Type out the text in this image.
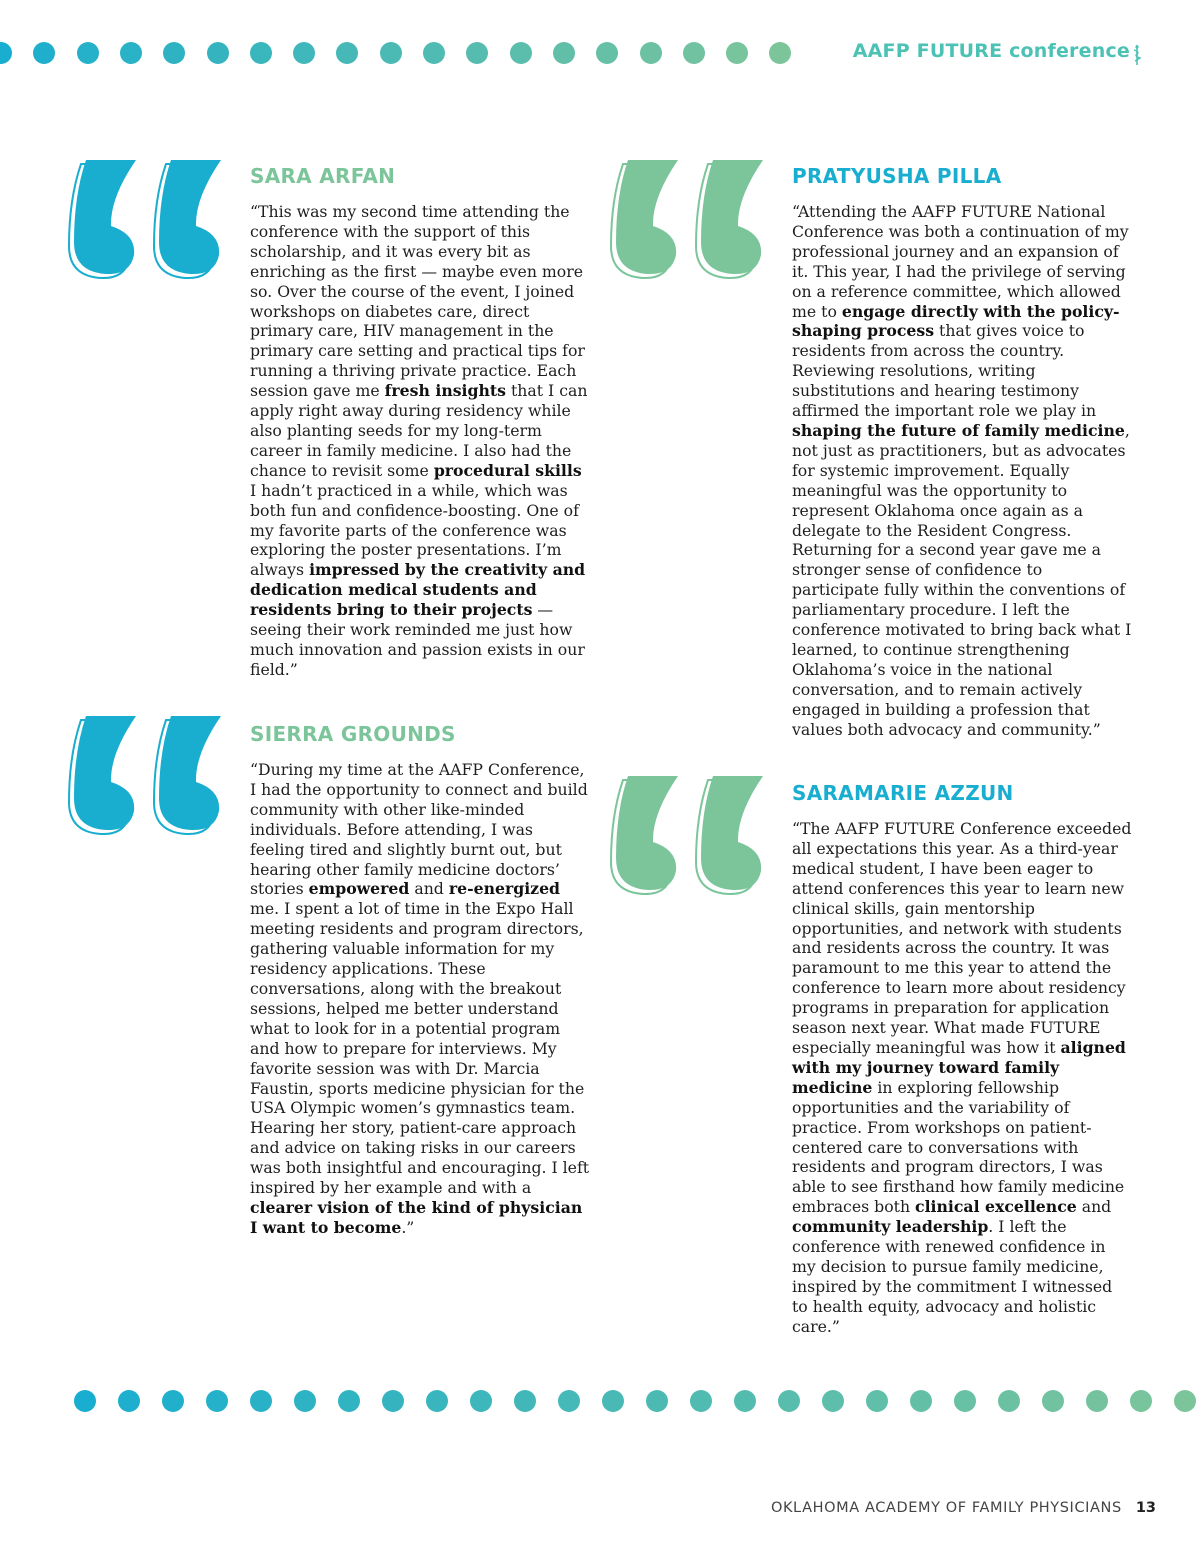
AAFP FUTURE conference
SARA ARFAN

“This was my second time attending the conference with the support of this scholarship, and it was every bit as enriching as the first — maybe even more so. Over the course of the event, I joined workshops on diabetes care, direct primary care, HIV management in the primary care setting and practical tips for running a thriving private practice. Each session gave me fresh insights that I can apply right away during residency while also planting seeds for my long-term career in family medicine. I also had the chance to revisit some procedural skills I hadn’t practiced in a while, which was both fun and confidence-boosting. One of my favorite parts of the conference was exploring the poster presentations. I’m always impressed by the creativity and dedication medical students and residents bring to their projects — seeing their work reminded me just how much innovation and passion exists in our field.”

SIERRA GROUNDS

“During my time at the AAFP Conference, I had the opportunity to connect and build community with other like-minded individuals. Before attending, I was feeling tired and slightly burnt out, but hearing other family medicine doctors’ stories empowered and re-energized me. I spent a lot of time in the Expo Hall meeting residents and program directors, gathering valuable information for my residency applications. These conversations, along with the breakout sessions, helped me better understand what to look for in a potential program and how to prepare for interviews. My favorite session was with Dr. Marcia Faustin, sports medicine physician for the USA Olympic women’s gymnastics team. Hearing her story, patient-care approach and advice on taking risks in our careers was both insightful and encouraging. I left inspired by her example and with a clearer vision of the kind of physician I want to become.”

PRATYUSHA PILLA

“Attending the AAFP FUTURE National Conference was both a continuation of my professional journey and an expansion of it. This year, I had the privilege of serving on a reference committee, which allowed me to engage directly with the policy-shaping process that gives voice to residents from across the country. Reviewing resolutions, writing substitutions and hearing testimony affirmed the important role we play in shaping the future of family medicine, not just as practitioners, but as advocates for systemic improvement. Equally meaningful was the opportunity to represent Oklahoma once again as a delegate to the Resident Congress. Returning for a second year gave me a stronger sense of confidence to participate fully within the conventions of parliamentary procedure. I left the conference motivated to bring back what I learned, to continue strengthening Oklahoma’s voice in the national conversation, and to remain actively engaged in building a profession that values both advocacy and community.”

SARAMARIE AZZUN

“The AAFP FUTURE Conference exceeded all expectations this year. As a third-year medical student, I have been eager to attend conferences this year to learn new clinical skills, gain mentorship opportunities, and network with students and residents across the country. It was paramount to me this year to attend the conference to learn more about residency programs in preparation for application season next year. What made FUTURE especially meaningful was how it aligned with my journey toward family medicine in exploring fellowship opportunities and the variability of practice. From workshops on patient-centered care to conversations with residents and program directors, I was able to see firsthand how family medicine embraces both clinical excellence and community leadership. I left the conference with renewed confidence in my decision to pursue family medicine, inspired by the commitment I witnessed to health equity, advocacy and holistic care.”

OKLAHOMA ACADEMY OF FAMILY PHYSICIANS 13
